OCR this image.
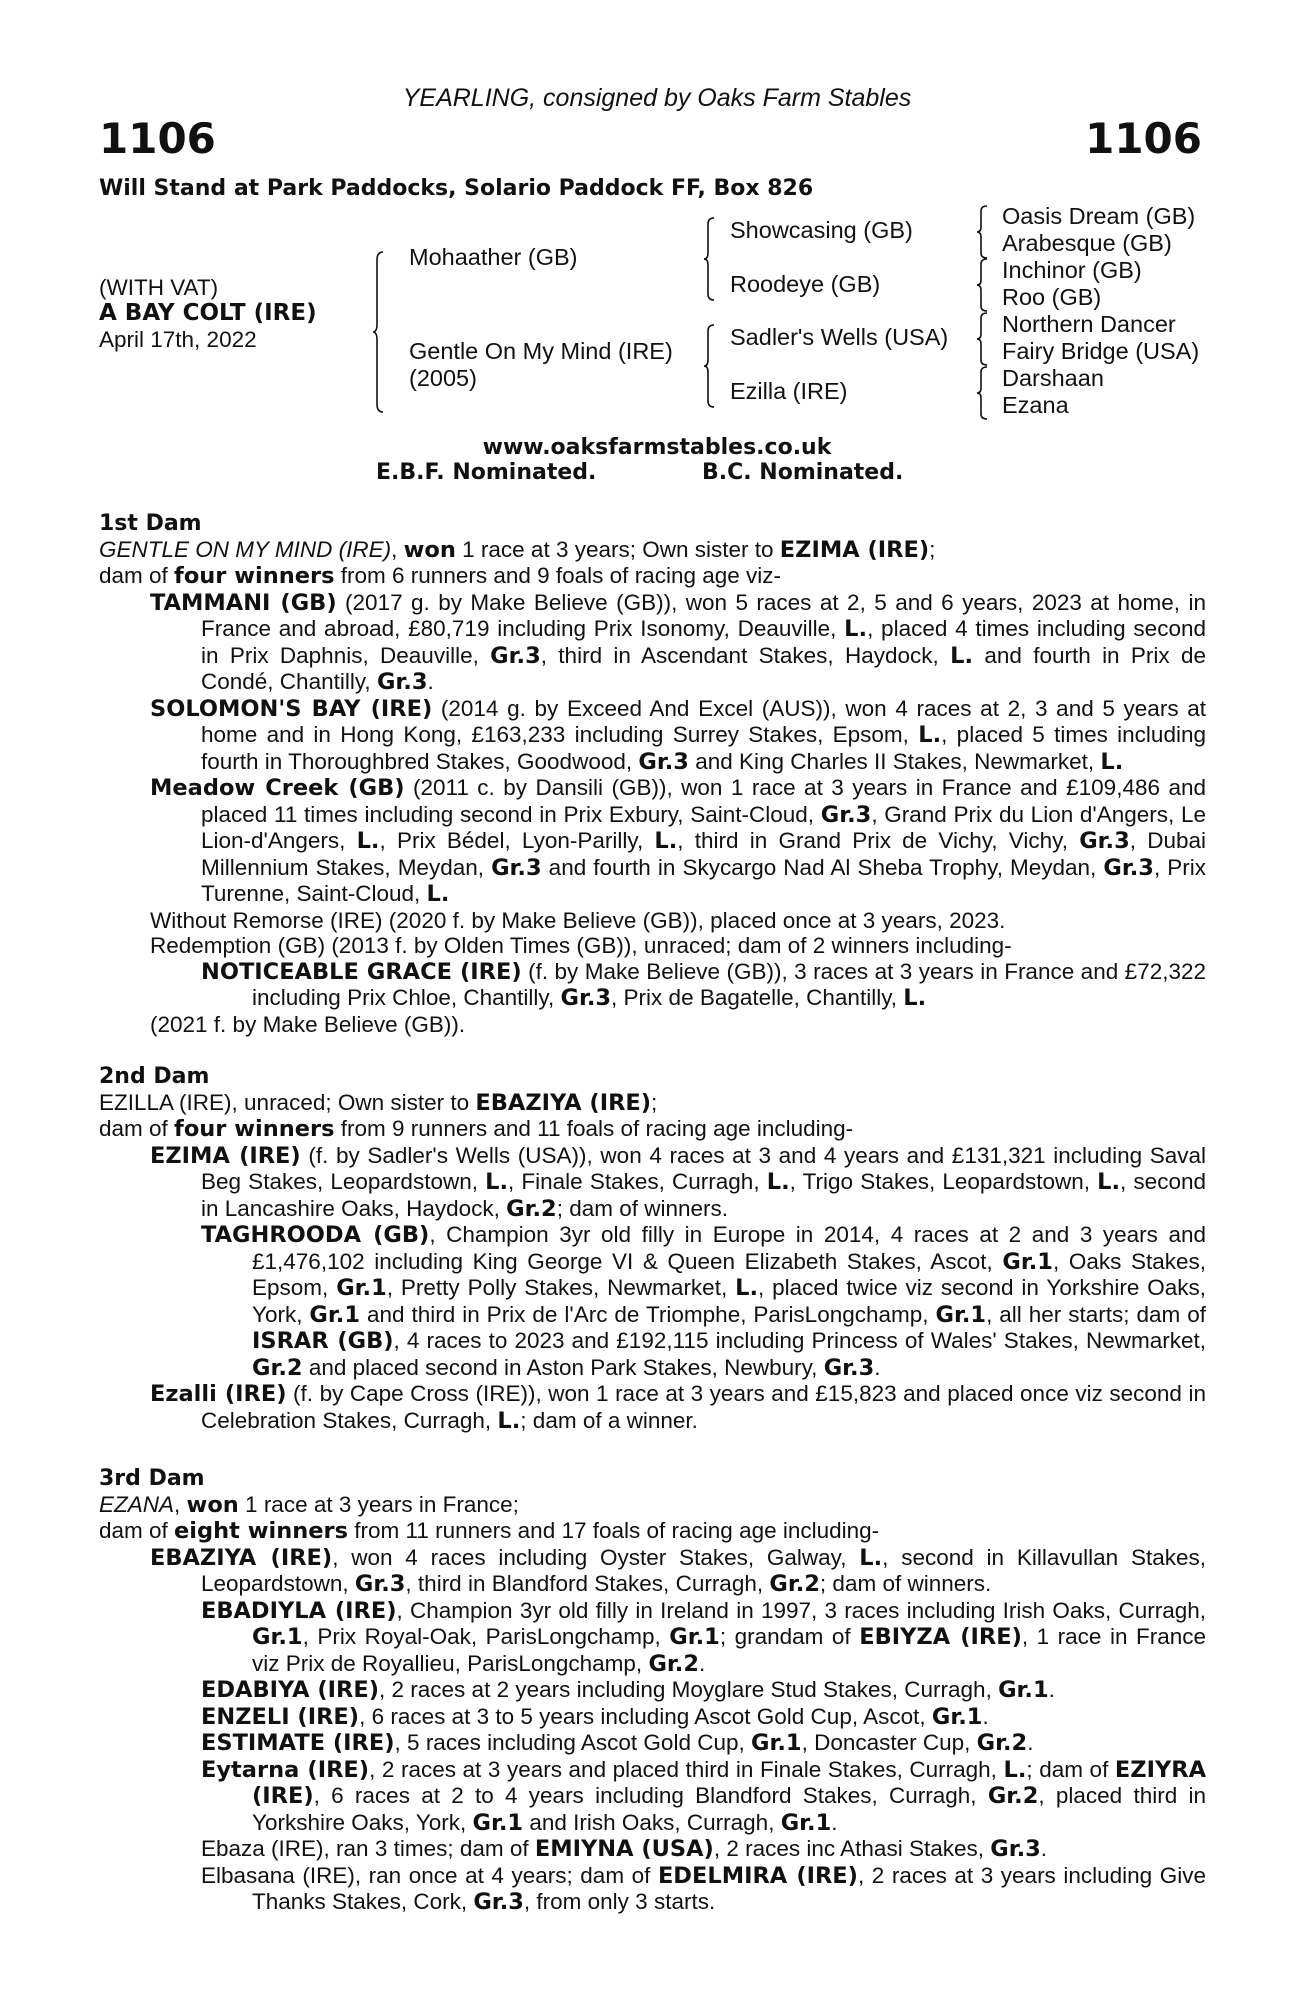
YEARLING, consigned by Oaks Farm Stables
1106	1106
Will Stand at Park Paddocks, Solario Paddock FF, Box 826
(WITH VAT)
A BAY COLT (IRE)
April 17th, 2022
Mohaather (GB)
Gentle On My Mind (IRE)
(2005)
Showcasing (GB)
Roodeye (GB)
Sadler's Wells (USA)
Ezilla (IRE)
Oasis Dream (GB)
Arabesque (GB)
Inchinor (GB)
Roo (GB)
Northern Dancer
Fairy Bridge (USA)
Darshaan
Ezana
www.oaksfarmstables.co.uk
E.B.F. Nominated.	B.C. Nominated.
1st Dam

GENTLE ON MY MIND (IRE), won 1 race at 3 years; Own sister to EZIMA (IRE);

dam of four winners from 6 runners and 9 foals of racing age viz-

TAMMANI (GB) (2017 g. by Make Believe (GB)), won 5 races at 2, 5 and 6 years, 2023 at home, in France and abroad, £80,719 including Prix Isonomy, Deauville, L., placed 4 times including second in Prix Daphnis, Deauville, Gr.3, third in Ascendant Stakes, Haydock, L. and fourth in Prix de Condé, Chantilly, Gr.3.

SOLOMON'S BAY (IRE) (2014 g. by Exceed And Excel (AUS)), won 4 races at 2, 3 and 5 years at home and in Hong Kong, £163,233 including Surrey Stakes, Epsom, L., placed 5 times including fourth in Thoroughbred Stakes, Goodwood, Gr.3 and King Charles II Stakes, Newmarket, L.

Meadow Creek (GB) (2011 c. by Dansili (GB)), won 1 race at 3 years in France and £109,486 and placed 11 times including second in Prix Exbury, Saint-Cloud, Gr.3, Grand Prix du Lion d'Angers, Le Lion-d'Angers, L., Prix Bédel, Lyon-Parilly, L., third in Grand Prix de Vichy, Vichy, Gr.3, Dubai Millennium Stakes, Meydan, Gr.3 and fourth in Skycargo Nad Al Sheba Trophy, Meydan, Gr.3, Prix Turenne, Saint-Cloud, L.

Without Remorse (IRE) (2020 f. by Make Believe (GB)), placed once at 3 years, 2023.

Redemption (GB) (2013 f. by Olden Times (GB)), unraced; dam of 2 winners including-

NOTICEABLE GRACE (IRE) (f. by Make Believe (GB)), 3 races at 3 years in France and £72,322 including Prix Chloe, Chantilly, Gr.3, Prix de Bagatelle, Chantilly, L.

(2021 f. by Make Believe (GB)).

2nd Dam

EZILLA (IRE), unraced; Own sister to EBAZIYA (IRE);

dam of four winners from 9 runners and 11 foals of racing age including-

EZIMA (IRE) (f. by Sadler's Wells (USA)), won 4 races at 3 and 4 years and £131,321 including Saval Beg Stakes, Leopardstown, L., Finale Stakes, Curragh, L., Trigo Stakes, Leopardstown, L., second in Lancashire Oaks, Haydock, Gr.2; dam of winners.

TAGHROODA (GB), Champion 3yr old filly in Europe in 2014, 4 races at 2 and 3 years and £1,476,102 including King George VI & Queen Elizabeth Stakes, Ascot, Gr.1, Oaks Stakes, Epsom, Gr.1, Pretty Polly Stakes, Newmarket, L., placed twice viz second in Yorkshire Oaks, York, Gr.1 and third in Prix de l'Arc de Triomphe, ParisLongchamp, Gr.1, all her starts; dam of ISRAR (GB), 4 races to 2023 and £192,115 including Princess of Wales' Stakes, Newmarket, Gr.2 and placed second in Aston Park Stakes, Newbury, Gr.3.

Ezalli (IRE) (f. by Cape Cross (IRE)), won 1 race at 3 years and £15,823 and placed once viz second in Celebration Stakes, Curragh, L.; dam of a winner.

3rd Dam

EZANA, won 1 race at 3 years in France;

dam of eight winners from 11 runners and 17 foals of racing age including-

EBAZIYA (IRE), won 4 races including Oyster Stakes, Galway, L., second in Killavullan Stakes, Leopardstown, Gr.3, third in Blandford Stakes, Curragh, Gr.2; dam of winners.

EBADIYLA (IRE), Champion 3yr old filly in Ireland in 1997, 3 races including Irish Oaks, Curragh, Gr.1, Prix Royal-Oak, ParisLongchamp, Gr.1; grandam of EBIYZA (IRE), 1 race in France viz Prix de Royallieu, ParisLongchamp, Gr.2.

EDABIYA (IRE), 2 races at 2 years including Moyglare Stud Stakes, Curragh, Gr.1.

ENZELI (IRE), 6 races at 3 to 5 years including Ascot Gold Cup, Ascot, Gr.1.

ESTIMATE (IRE), 5 races including Ascot Gold Cup, Gr.1, Doncaster Cup, Gr.2.

Eytarna (IRE), 2 races at 3 years and placed third in Finale Stakes, Curragh, L.; dam of EZIYRA (IRE), 6 races at 2 to 4 years including Blandford Stakes, Curragh, Gr.2, placed third in Yorkshire Oaks, York, Gr.1 and Irish Oaks, Curragh, Gr.1.

Ebaza (IRE), ran 3 times; dam of EMIYNA (USA), 2 races inc Athasi Stakes, Gr.3.

Elbasana (IRE), ran once at 4 years; dam of EDELMIRA (IRE), 2 races at 3 years including Give Thanks Stakes, Cork, Gr.3, from only 3 starts.
